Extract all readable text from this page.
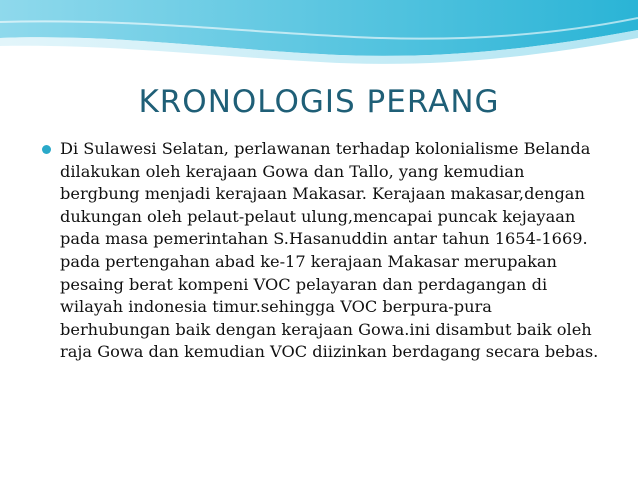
KRONOLOGIS PERANG
Di Sulawesi Selatan, perlawanan terhadap kolonialisme Belanda dilakukan oleh kerajaan Gowa dan Tallo, yang kemudian bergbung menjadi kerajaan Makasar. Kerajaan makasar,dengan dukungan oleh pelaut-pelaut ulung,mencapai puncak kejayaan pada masa pemerintahan S.Hasanuddin antar tahun 1654-1669. pada pertengahan abad ke-17 kerajaan Makasar merupakan pesaing berat kompeni VOC pelayaran dan perdagangan di wilayah indonesia timur.sehingga VOC berpura-pura berhubungan baik dengan kerajaan Gowa.ini disambut baik oleh raja Gowa dan kemudian VOC diizinkan berdagang secara bebas.
